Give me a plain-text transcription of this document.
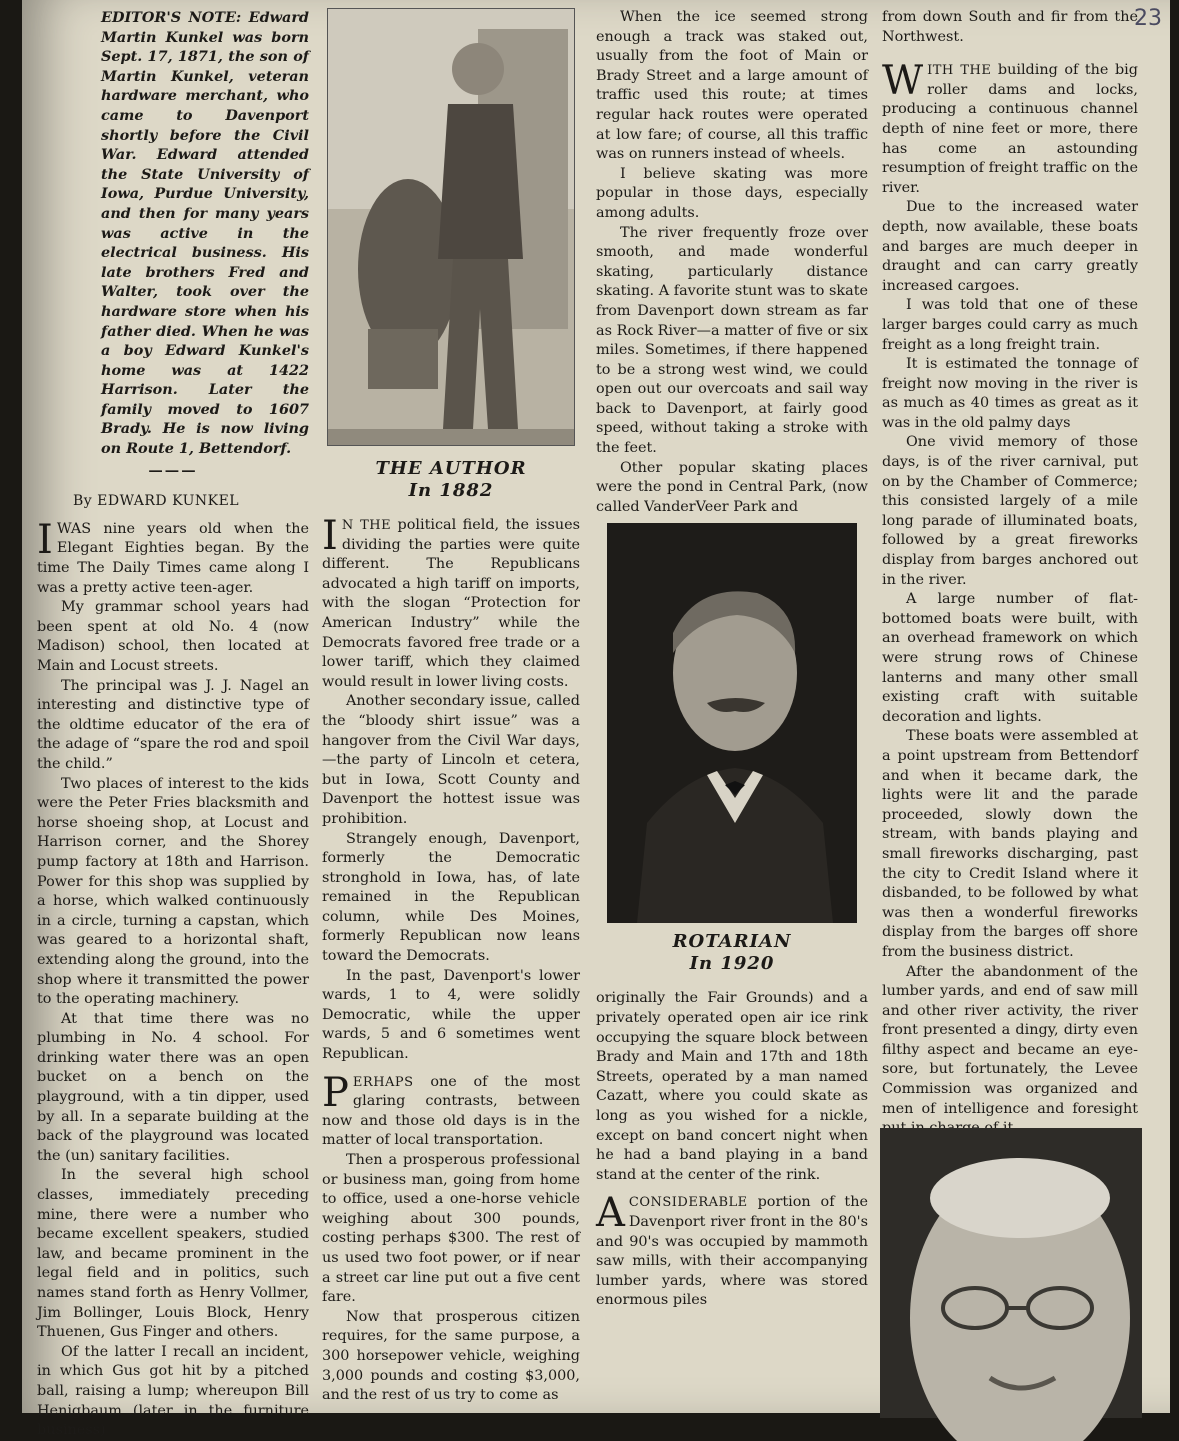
23

EDITOR'S NOTE: Edward Martin Kunkel was born Sept. 17, 1871, the son of Martin Kunkel, veteran hardware merchant, who came to Davenport shortly before the Civil War. Edward attended the State University of Iowa, Purdue University, and then for many years was active in the electrical business. His late brothers Fred and Walter, took over the hardware store when his father died. When he was a boy Edward Kunkel's home was at 1422 Harrison. Later the family moved to 1607 Brady. He is now living on Route 1, Bettendorf.

———
By EDWARD KUNKEL

IWAS nine years old when the Elegant Eighties began. By the time The Daily Times came along I was a pretty active teen-ager.

My grammar school years had been spent at old No. 4 (now Madison) school, then located at Main and Locust streets.

The principal was J. J. Nagel an interesting and distinctive type of the oldtime educator of the era of the adage of “spare the rod and spoil the child.”

Two places of interest to the kids were the Peter Fries blacksmith and horse shoeing shop, at Locust and Harrison corner, and the Shorey pump factory at 18th and Harrison. Power for this shop was supplied by a horse, which walked continuously in a circle, turning a capstan, which was geared to a horizontal shaft, extending along the ground, into the shop where it transmitted the power to the operating machinery.

At that time there was no plumbing in No. 4 school. For drinking water there was an open bucket on a bench on the playground, with a tin dipper, used by all. In a separate building at the back of the playground was located the (un) sanitary facilities.

In the several high school classes, immediately preceding mine, there were a number who became excellent speakers, studied law, and became prominent in the legal field and in politics, such names stand forth as Henry Vollmer, Jim Bollinger, Louis Block, Henry Thuenen, Gus Finger and others.

Of the latter I recall an incident, in which Gus got hit by a pitched ball, raising a lump; whereupon Bill Henigbaum (later in the furniture business)

THE AUTHOR
In 1882

I N THE political field, the issues dividing the parties were quite different. The Republicans advocated a high tariff on imports, with the slogan “Protection for American Industry” while the Democrats favored free trade or a lower tariff, which they claimed would result in lower living costs.

Another secondary issue, called the “bloody shirt issue” was a hangover from the Civil War days,—the party of Lincoln et cetera, but in Iowa, Scott County and Davenport the hottest issue was prohibition.

Strangely enough, Davenport, formerly the Democratic stronghold in Iowa, has, of late remained in the Republican column, while Des Moines, formerly Republican now leans toward the Democrats.

In the past, Davenport's lower wards, 1 to 4, were solidly Democratic, while the upper wards, 5 and 6 sometimes went Republican.

PERHAPS one of the most glaring contrasts, between now and those old days is in the matter of local transportation.

Then a prosperous professional or business man, going from home to office, used a one-horse vehicle weighing about 300 pounds, costing perhaps $300. The rest of us used two foot power, or if near a street car line put out a five cent fare.

Now that prosperous citizen requires, for the same purpose, a 300 horsepower vehicle, weighing 3,000 pounds and costing $3,000, and the rest of us try to come as

When the ice seemed strong enough a track was staked out, usually from the foot of Main or Brady Street and a large amount of traffic used this route; at times regular hack routes were operated at low fare; of course, all this traffic was on runners instead of wheels.

I believe skating was more popular in those days, especially among adults.

The river frequently froze over smooth, and made wonderful skating, particularly distance skating. A favorite stunt was to skate from Davenport down stream as far as Rock River—a matter of five or six miles. Sometimes, if there happened to be a strong west wind, we could open out our overcoats and sail way back to Davenport, at fairly good speed, without taking a stroke with the feet.

Other popular skating places were the pond in Central Park, (now called VanderVeer Park and

ROTARIAN
In 1920

originally the Fair Grounds) and a privately operated open air ice rink occupying the square block between Brady and Main and 17th and 18th Streets, operated by a man named Cazatt, where you could skate as long as you wished for a nickle, except on band concert night when he had a band playing in a band stand at the center of the rink.

ACONSIDERABLE portion of the Davenport river front in the 80's and 90's was occupied by mammoth saw mills, with their accompanying lumber yards, where was stored enormous piles

from down South and fir from the Northwest.

WITH THE building of the big roller dams and locks, producing a continuous channel depth of nine feet or more, there has come an astounding resumption of freight traffic on the river.

Due to the increased water depth, now available, these boats and barges are much deeper in draught and can carry greatly increased cargoes.

I was told that one of these larger barges could carry as much freight as a long freight train.

It is estimated the tonnage of freight now moving in the river is as much as 40 times as great as it was in the old palmy days

One vivid memory of those days, is of the river carnival, put on by the Chamber of Commerce; this consisted largely of a mile long parade of illuminated boats, followed by a great fireworks display from barges anchored out in the river.

A large number of flat-bottomed boats were built, with an overhead framework on which were strung rows of Chinese lanterns and many other small existing craft with suitable decoration and lights.

These boats were assembled at a point upstream from Bettendorf and when it became dark, the lights were lit and the parade proceeded, slowly down the stream, with bands playing and small fireworks discharging, past the city to Credit Island where it disbanded, to be followed by what was then a wonderful fireworks display from the barges off shore from the business district.

After the abandonment of the lumber yards, and end of saw mill and other river activity, the river front presented a dingy, dirty even filthy aspect and became an eye-sore, but fortunately, the Levee Commission was organized and men of intelligence and foresight
